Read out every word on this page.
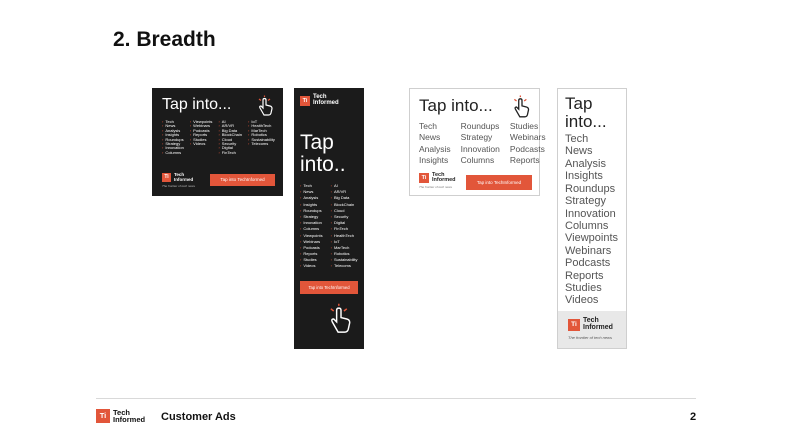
2. Breadth
Tap into...
› Tech
› News
› Analysis
› Insights
› Roundups
› Strategy
› Innovation
› Columns
› Viewpoints
› Webinars
› Podcasts
› Reports
› Studies
› Videos
› AI
› AR/VR
› Big Data
› BlockChain
› Cloud
› Security
› Digital
› FinTech
› IoT
› HealthTech
› MarTech
› Robotics
› Sustainability
› Telecoms
Ti	Tech
Informed
The frontier of tech news
Tap into TechInformed
Ti
Tech
Informed
Tap into..
› Tech
› News
› Analysis
› Insights
› Roundups
› Strategy
› Innovation
› Columns
› Viewpoints
› Webinars
› Podcasts
› Reports
› Studies
› Videos
› AI
› AR/VR
› Big Data
› BlockChain
› Cloud
› Security
› Digital
› FinTech
› HealthTech
› IoT
› MarTech
› Robotics
› Sustainability
› Telecoms
Tap into TechInformed
Tap into...
Tech
News
Analysis
Insights
Roundups
Strategy
Innovation
Columns
Studies
Webinars
Podcasts
Reports
Ti
Tech
Informed
The frontier of tech news
Tap into TechInformed
Tap into...
Tech
News
Analysis
Insights
Roundups
Strategy
Innovation
Columns
Viewpoints
Webinars
Podcasts
Reports
Studies
Videos
Ti
Tech
Informed
The frontier of tech news
Ti Tech
Informed Customer Ads	2
